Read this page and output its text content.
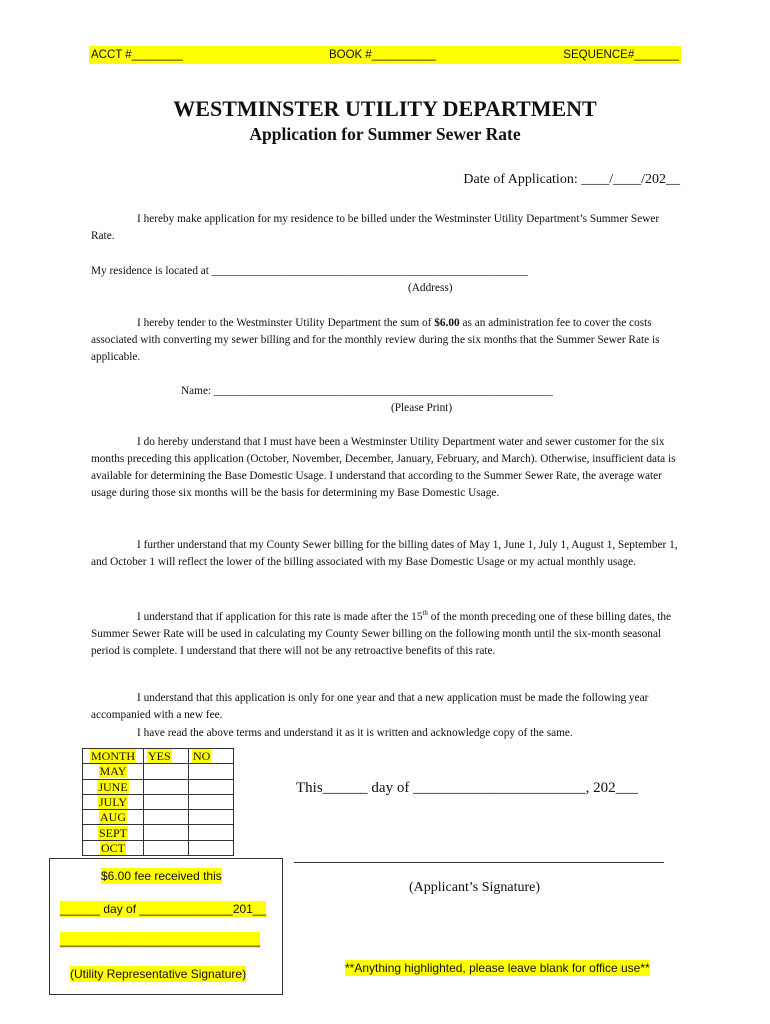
ACCT #________	BOOK #__________	SEQUENCE#_______
WESTMINSTER UTILITY DEPARTMENT
Application for Summer Sewer Rate
Date of Application: ____/____/202__

I hereby make application for my residence to be billed under the Westminster Utility Department’s Summer Sewer Rate.

My residence is located at ________________________________________________________
(Address)

I hereby tender to the Westminster Utility Department the sum of $6.00 as an administration fee to cover the costs associated with converting my sewer billing and for the monthly review during the six months that the Summer Sewer Rate is applicable.

Name: ____________________________________________________________
(Please Print)

I do hereby understand that I must have been a Westminster Utility Department water and sewer customer for the six months preceding this application (October, November, December, January, February, and March). Otherwise, insufficient data is available for determining the Base Domestic Usage. I understand that according to the Summer Sewer Rate, the average water usage during those six months will be the basis for determining my Base Domestic Usage.

I further understand that my County Sewer billing for the billing dates of May 1, June 1, July 1, August 1, September 1, and October 1 will reflect the lower of the billing associated with my Base Domestic Usage or my actual monthly usage.

I understand that if application for this rate is made after the 15th of the month preceding one of these billing dates, the Summer Sewer Rate will be used in calculating my County Sewer billing on the following month until the six-month seasonal period is complete. I understand that there will not be any retroactive benefits of this rate.

I understand that this application is only for one year and that a new application must be made the following year accompanied with a new fee.

I have read the above terms and understand it as it is written and acknowledge copy of the same.

MONTH	YES	NO
MAY		
JUNE		
JULY		
AUG		
SEPT		
OCT		
This______ day of _______________________, 202___
(Applicant’s Signature)
$6.00 fee received this
______ day of ______________201__
______________________________
(Utility Representative Signature)	**Anything highlighted, please leave blank for office use**
